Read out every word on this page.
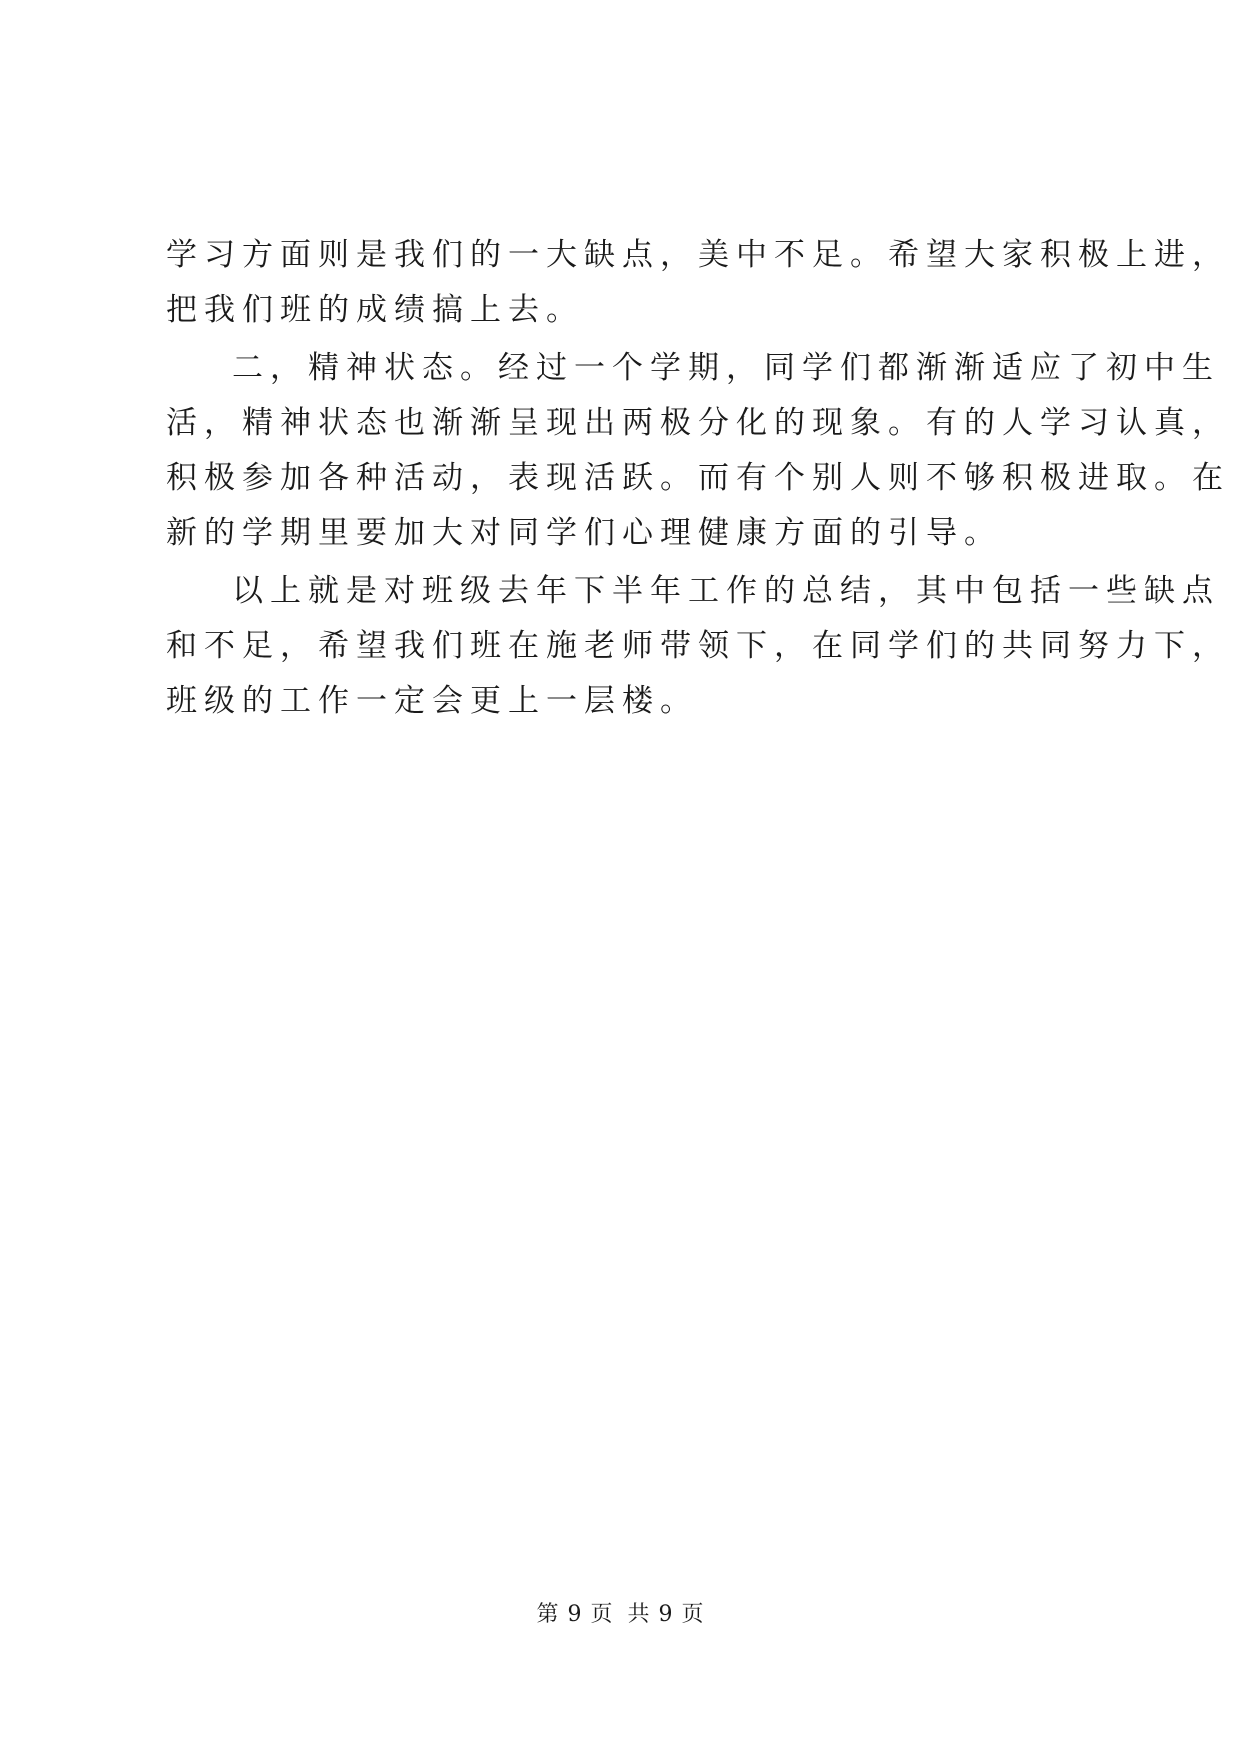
学习方面则是我们的一大缺点，美中不足。希望大家积极上进，
把我们班的成绩搞上去。
二，精神状态。经过一个学期，同学们都渐渐适应了初中生
活，精神状态也渐渐呈现出两极分化的现象。有的人学习认真，
积极参加各种活动，表现活跃。而有个别人则不够积极进取。在
新的学期里要加大对同学们心理健康方面的引导。
以上就是对班级去年下半年工作的总结，其中包括一些缺点
和不足，希望我们班在施老师带领下，在同学们的共同努力下，
班级的工作一定会更上一层楼。
第 9 页 共 9 页
